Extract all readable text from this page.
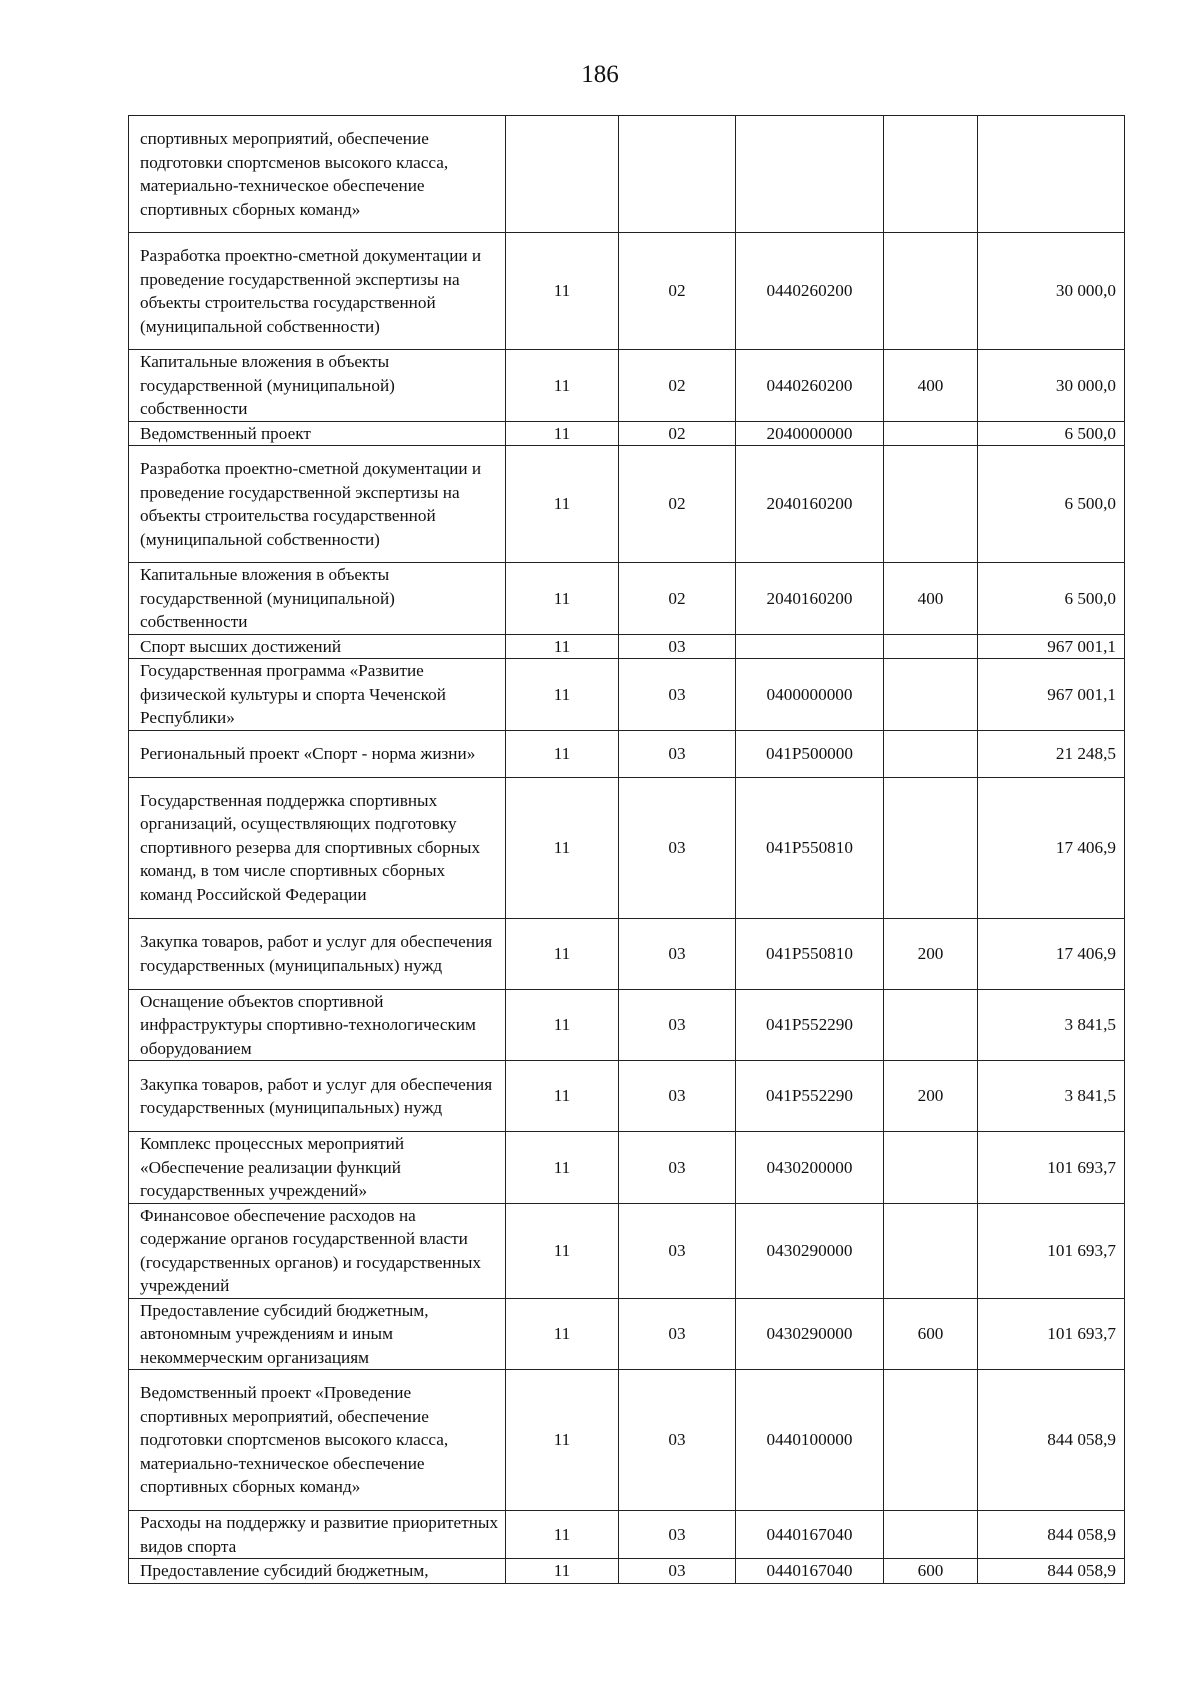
186
спортивных мероприятий, обеспечение подготовки спортсменов высокого класса, материально-техническое обеспечение спортивных сборных команд»					
Разработка проектно-сметной документации и проведение государственной экспертизы на объекты строительства государственной (муниципальной собственности)	11	02	0440260200		30 000,0
Капитальные вложения в объекты государственной (муниципальной) собственности	11	02	0440260200	400	30 000,0
Ведомственный проект	11	02	2040000000		6 500,0
Разработка проектно-сметной документации и проведение государственной экспертизы на объекты строительства государственной (муниципальной собственности)	11	02	2040160200		6 500,0
Капитальные вложения в объекты государственной (муниципальной) собственности	11	02	2040160200	400	6 500,0
Спорт высших достижений	11	03			967 001,1
Государственная программа «Развитие физической культуры и спорта Чеченской Республики»	11	03	0400000000		967 001,1
Региональный проект «Спорт - норма жизни»	11	03	041P500000		21 248,5
Государственная поддержка спортивных организаций, осуществляющих подготовку спортивного резерва для спортивных сборных команд, в том числе спортивных сборных команд Российской Федерации	11	03	041P550810		17 406,9
Закупка товаров, работ и услуг для обеспечения государственных (муниципальных) нужд	11	03	041P550810	200	17 406,9
Оснащение объектов спортивной инфраструктуры спортивно-технологическим оборудованием	11	03	041P552290		3 841,5
Закупка товаров, работ и услуг для обеспечения государственных (муниципальных) нужд	11	03	041P552290	200	3 841,5
Комплекс процессных мероприятий «Обеспечение реализации функций государственных учреждений»	11	03	0430200000		101 693,7
Финансовое обеспечение расходов на содержание органов государственной власти (государственных органов) и государственных учреждений	11	03	0430290000		101 693,7
Предоставление субсидий бюджетным, автономным учреждениям и иным некоммерческим организациям	11	03	0430290000	600	101 693,7
Ведомственный проект «Проведение спортивных мероприятий, обеспечение подготовки спортсменов высокого класса, материально-техническое обеспечение спортивных сборных команд»	11	03	0440100000		844 058,9
Расходы на поддержку и развитие приоритетных видов спорта	11	03	0440167040		844 058,9
Предоставление субсидий бюджетным,	11	03	0440167040	600	844 058,9
